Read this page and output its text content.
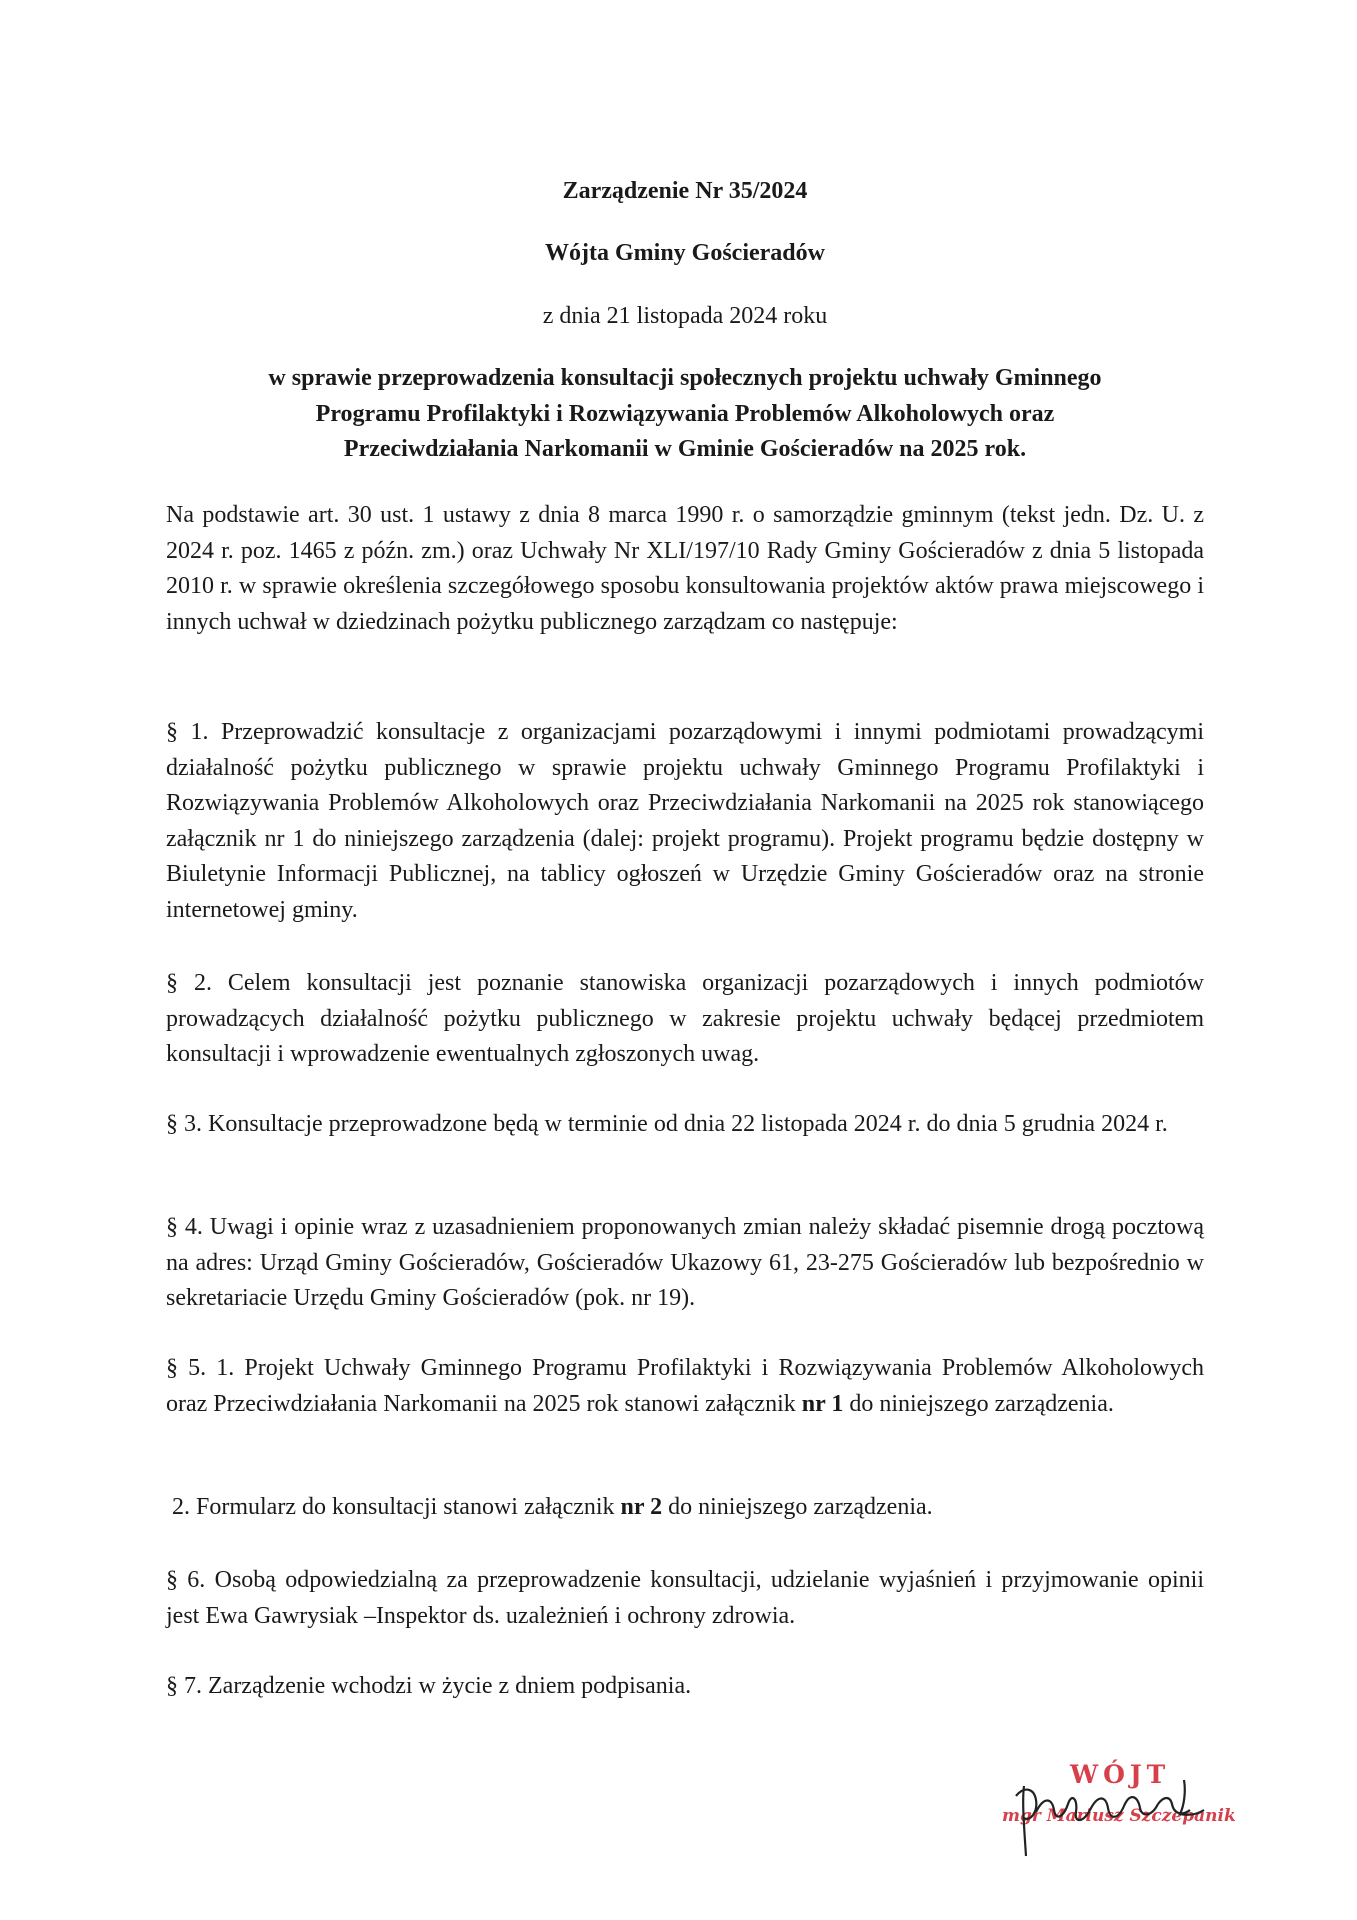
Zarządzenie Nr 35/2024
Wójta Gminy Gościeradów
z dnia 21 listopada 2024 roku
w sprawie przeprowadzenia konsultacji społecznych projektu uchwały Gminnego
Programu Profilaktyki i Rozwiązywania Problemów Alkoholowych oraz
Przeciwdziałania Narkomanii w Gminie Gościeradów na 2025 rok.
Na podstawie art. 30 ust. 1 ustawy z dnia 8 marca 1990 r. o samorządzie gminnym (tekst jedn. Dz. U. z 2024 r. poz. 1465 z późn. zm.) oraz Uchwały Nr XLI/197/10 Rady Gminy Gościeradów z dnia 5 listopada 2010 r. w sprawie określenia szczegółowego sposobu konsultowania projektów aktów prawa miejscowego i innych uchwał w dziedzinach pożytku publicznego zarządzam co następuje:
§ 1. Przeprowadzić konsultacje z organizacjami pozarządowymi i innymi podmiotami prowadzącymi działalność pożytku publicznego w sprawie projektu uchwały Gminnego Programu Profilaktyki i Rozwiązywania Problemów Alkoholowych oraz Przeciwdziałania Narkomanii na 2025 rok stanowiącego załącznik nr 1 do niniejszego zarządzenia (dalej: projekt programu). Projekt programu będzie dostępny w Biuletynie Informacji Publicznej, na tablicy ogłoszeń w Urzędzie Gminy Gościeradów oraz na stronie internetowej gminy.
§ 2. Celem konsultacji jest poznanie stanowiska organizacji pozarządowych i innych podmiotów prowadzących działalność pożytku publicznego w zakresie projektu uchwały będącej przedmiotem konsultacji i wprowadzenie ewentualnych zgłoszonych uwag.
§ 3. Konsultacje przeprowadzone będą w terminie od dnia 22 listopada 2024 r. do dnia 5 grudnia 2024 r.
§ 4. Uwagi i opinie wraz z uzasadnieniem proponowanych zmian należy składać pisemnie drogą pocztową na adres: Urząd Gminy Gościeradów, Gościeradów Ukazowy 61, 23-275 Gościeradów lub bezpośrednio w sekretariacie Urzędu Gminy Gościeradów (pok. nr 19).
§ 5. 1. Projekt Uchwały Gminnego Programu Profilaktyki i Rozwiązywania Problemów Alkoholowych oraz Przeciwdziałania Narkomanii na 2025 rok stanowi załącznik nr 1 do niniejszego zarządzenia.
2. Formularz do konsultacji stanowi załącznik nr 2 do niniejszego zarządzenia.
§ 6. Osobą odpowiedzialną za przeprowadzenie konsultacji, udzielanie wyjaśnień i przyjmowanie opinii jest Ewa Gawrysiak –Inspektor ds. uzależnień i ochrony zdrowia.
§ 7. Zarządzenie wchodzi w życie z dniem podpisania.
WÓJT
mgr Mariusz Szczepanik
